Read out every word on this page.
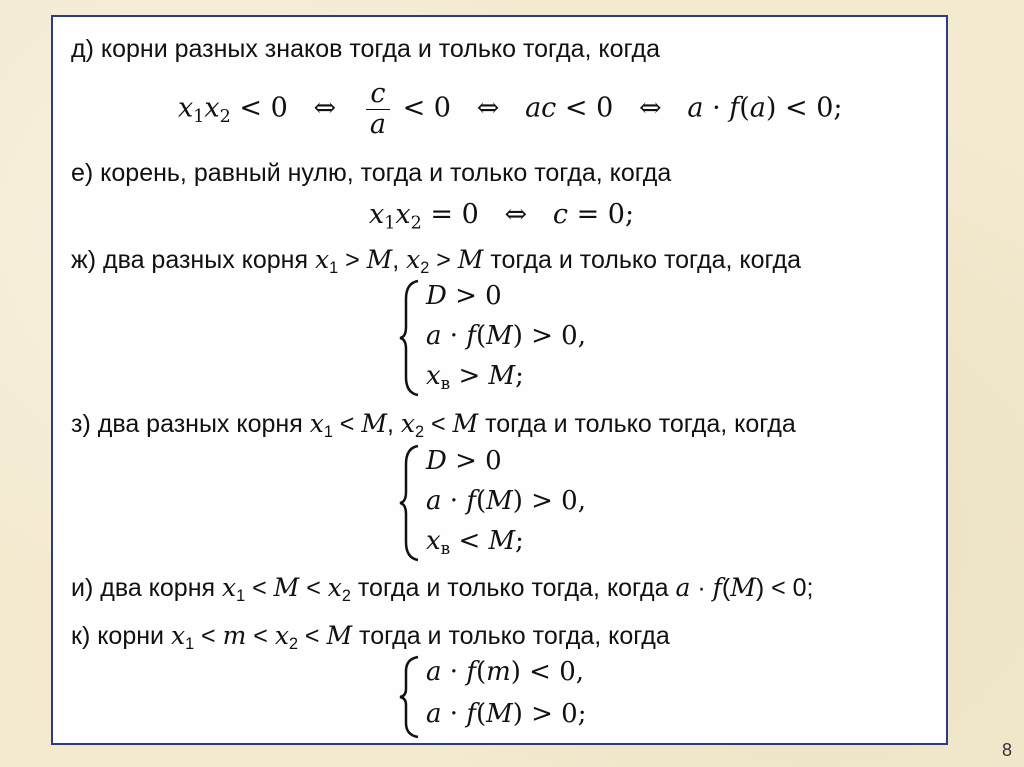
д) корни разных знаков тогда и только тогда, когда
$x_1x_2 < 0$   ⇔ $\frac{c}{a} < 0$   ⇔   ac < 0   ⇔   a · f(a) < 0;
е) корень, равный нулю, тогда и только тогда, когда
$x_1x_2 = 0$   ⇔   c = 0;
ж) два разных корня $x_1 > M$, $x_2 > M$ тогда и только тогда, когда
D > 0
a · f(M) > 0,
$x_в > M$;
з) два разных корня $x_1 < M$, $x_2 < M$ тогда и только тогда, когда
D > 0
a · f(M) > 0,
$x_в < M$;
и) два корня $x_1 < M < x_2$ тогда и только тогда, когда a · f(M) < 0;
к) корни $x_1 < m < x_2 < M$ тогда и только тогда, когда
a · f(m) < 0,
a · f(M) > 0;
8
